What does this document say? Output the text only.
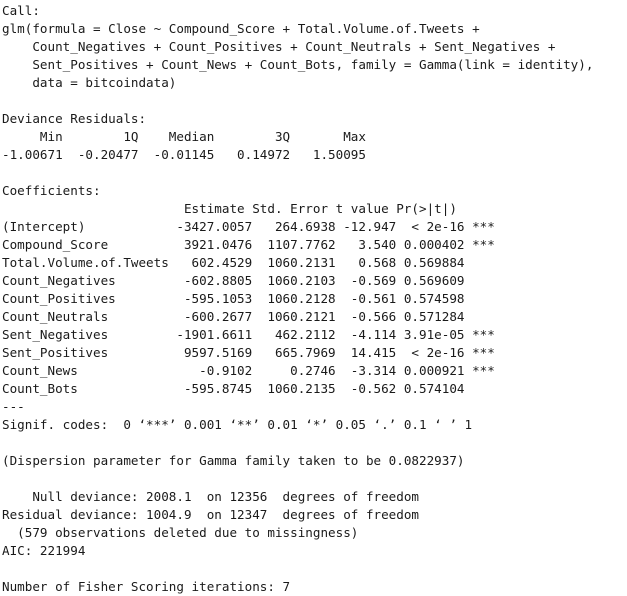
Call:
glm(formula = Close ~ Compound_Score + Total.Volume.of.Tweets +
Count_Negatives + Count_Positives + Count_Neutrals + Sent_Negatives +
Sent_Positives + Count_News + Count_Bots, family = Gamma(link = identity),
data = bitcoindata)
Deviance Residuals:
Min        1Q    Median        3Q       Max
-1.00671  -0.20477  -0.01145   0.14972   1.50095
Coefficients:
Estimate Std. Error t value Pr(>|t|)
(Intercept)            -3427.0057   264.6938 -12.947  < 2e-16 ***
Compound_Score          3921.0476  1107.7762   3.540 0.000402 ***
Total.Volume.of.Tweets   602.4529  1060.2131   0.568 0.569884
Count_Negatives         -602.8805  1060.2103  -0.569 0.569609
Count_Positives         -595.1053  1060.2128  -0.561 0.574598
Count_Neutrals          -600.2677  1060.2121  -0.566 0.571284
Sent_Negatives         -1901.6611   462.2112  -4.114 3.91e-05 ***
Sent_Positives          9597.5169   665.7969  14.415  < 2e-16 ***
Count_News                -0.9102     0.2746  -3.314 0.000921 ***
Count_Bots              -595.8745  1060.2135  -0.562 0.574104
---
Signif. codes:  0 ‘***’ 0.001 ‘**’ 0.01 ‘*’ 0.05 ‘.’ 0.1 ‘ ’ 1
(Dispersion parameter for Gamma family taken to be 0.0822937)
Null deviance: 2008.1  on 12356  degrees of freedom
Residual deviance: 1004.9  on 12347  degrees of freedom
(579 observations deleted due to missingness)
AIC: 221994
Number of Fisher Scoring iterations: 7
